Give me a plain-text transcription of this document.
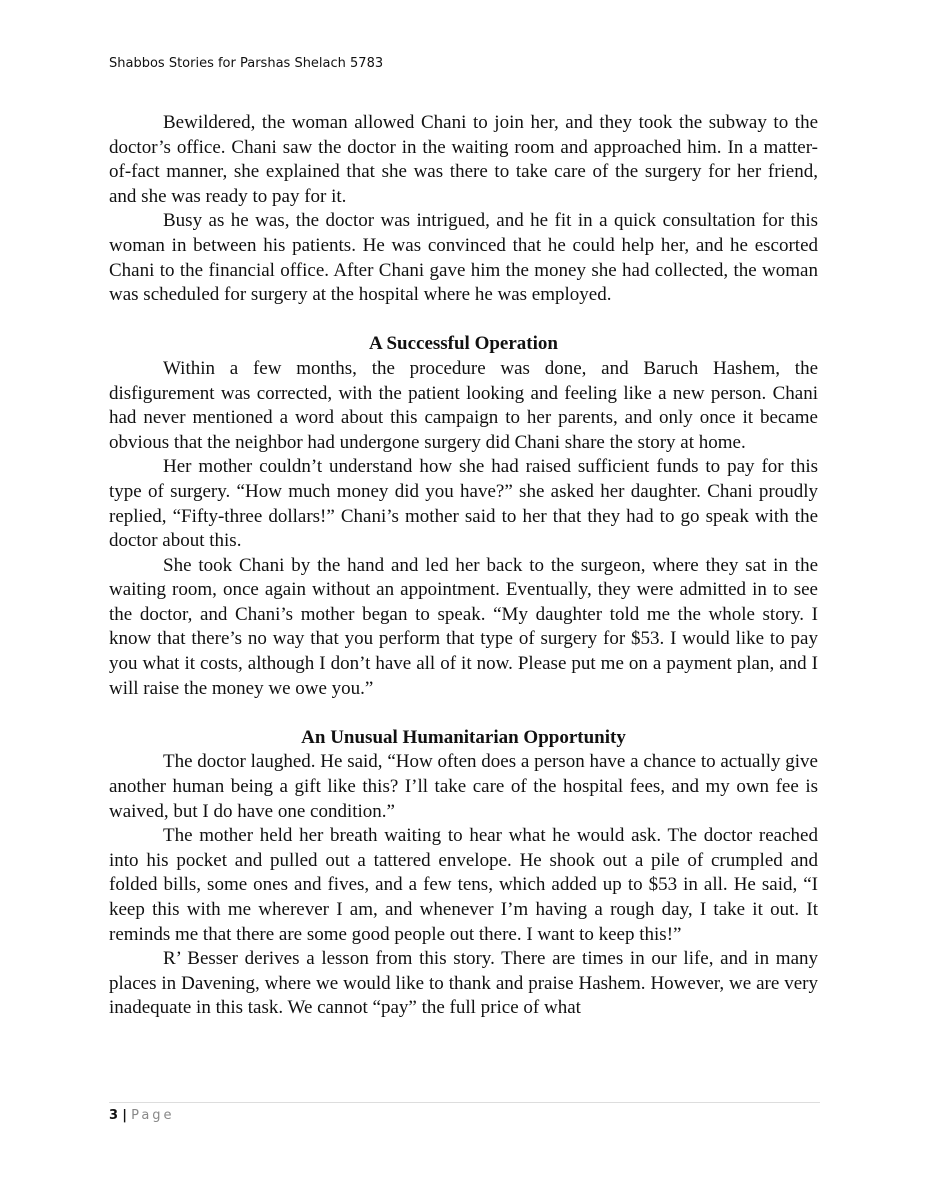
Shabbos Stories for Parshas Shelach 5783

Bewildered, the woman allowed Chani to join her, and they took the subway to the doctor’s office. Chani saw the doctor in the waiting room and approached him. In a matter-of-fact manner, she explained that she was there to take care of the surgery for her friend, and she was ready to pay for it.

Busy as he was, the doctor was intrigued, and he fit in a quick consultation for this woman in between his patients. He was convinced that he could help her, and he escorted Chani to the financial office. After Chani gave him the money she had collected, the woman was scheduled for surgery at the hospital where he was employed.

A Successful Operation

Within a few months, the procedure was done, and Baruch Hashem, the disfigurement was corrected, with the patient looking and feeling like a new person. Chani had never mentioned a word about this campaign to her parents, and only once it became obvious that the neighbor had undergone surgery did Chani share the story at home.

Her mother couldn’t understand how she had raised sufficient funds to pay for this type of surgery. “How much money did you have?” she asked her daughter. Chani proudly replied, “Fifty-three dollars!” Chani’s mother said to her that they had to go speak with the doctor about this.

She took Chani by the hand and led her back to the surgeon, where they sat in the waiting room, once again without an appointment. Eventually, they were admitted in to see the doctor, and Chani’s mother began to speak. “My daughter told me the whole story. I know that there’s no way that you perform that type of surgery for $53. I would like to pay you what it costs, although I don’t have all of it now. Please put me on a payment plan, and I will raise the money we owe you.”

An Unusual Humanitarian Opportunity

The doctor laughed. He said, “How often does a person have a chance to actually give another human being a gift like this? I’ll take care of the hospital fees, and my own fee is waived, but I do have one condition.”

The mother held her breath waiting to hear what he would ask. The doctor reached into his pocket and pulled out a tattered envelope. He shook out a pile of crumpled and folded bills, some ones and fives, and a few tens, which added up to $53 in all. He said, “I keep this with me wherever I am, and whenever I’m having a rough day, I take it out. It reminds me that there are some good people out there. I want to keep this!”

R’ Besser derives a lesson from this story. There are times in our life, and in many places in Davening, where we would like to thank and praise Hashem. However, we are very inadequate in this task. We cannot “pay” the full price of what

3 | Page
